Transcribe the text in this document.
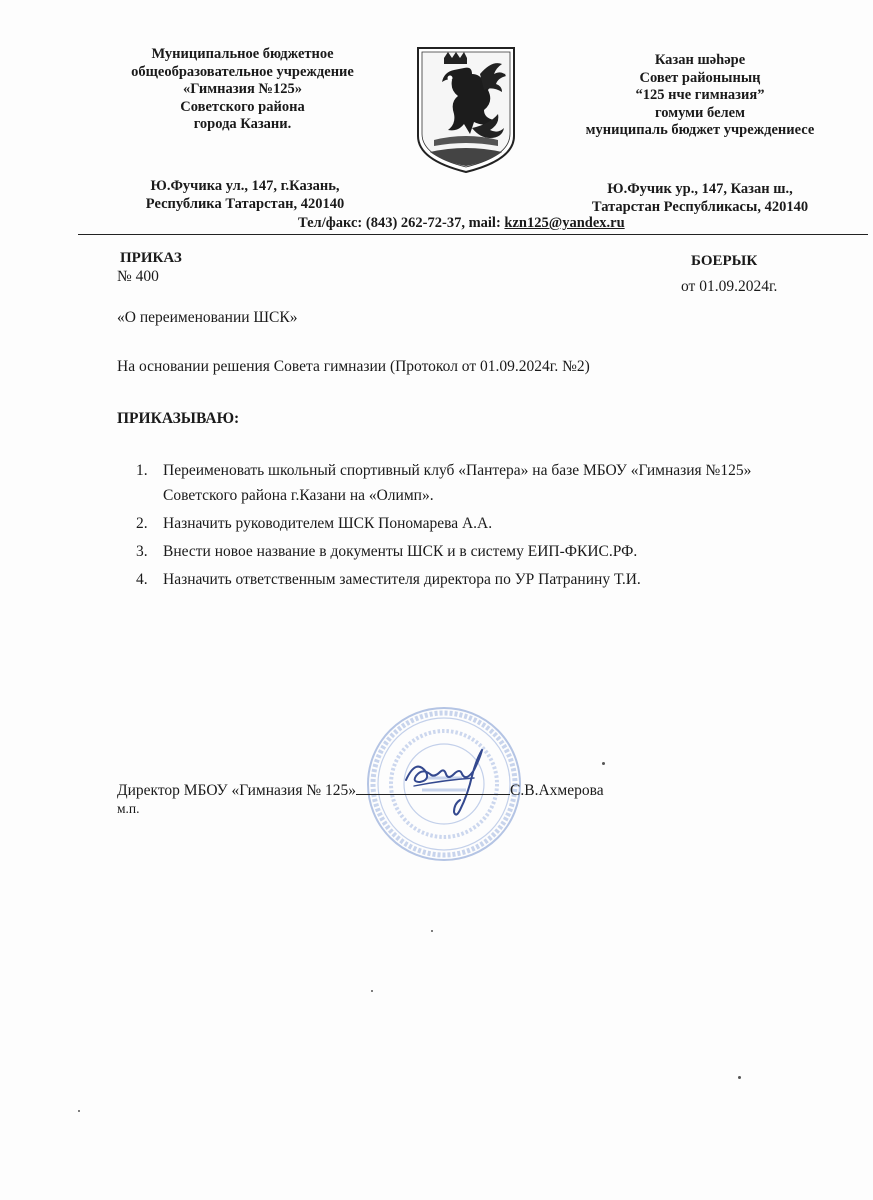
Муниципальное бюджетное
общеобразовательное учреждение
«Гимназия №125»
Советского района
города Казани.
Казан шәһәре
Совет районының
“125 нче гимназия”
гомуми белем
муниципаль бюджет учреждениесе
Ю.Фучика ул., 147, г.Казань,
Республика Татарстан, 420140
Ю.Фучик ур., 147, Казан ш.,
Татарстан Республикасы, 420140
Тел/факс: (843) 262-72-37, mail: kzn125@yandex.ru
ПРИКАЗ
№ 400
БОЕРЫК
от 01.09.2024г.
«О переименовании ШСК»
На основании решения Совета гимназии (Протокол от 01.09.2024г. №2)
ПРИКАЗЫВАЮ:
1. Переименовать школьный спортивный клуб «Пантера» на базе МБОУ «Гимназия №125»
Советского района г.Казани на «Олимп».
2. Назначить руководителем ШСК Пономарева А.А.
3. Внести новое название в документы ШСК и в систему ЕИП-ФКИС.РФ.
4. Назначить ответственным заместителя директора по УР Патранину Т.И.
Директор МБОУ «Гимназия № 125»	С.В.Ахмерова
м.п.
